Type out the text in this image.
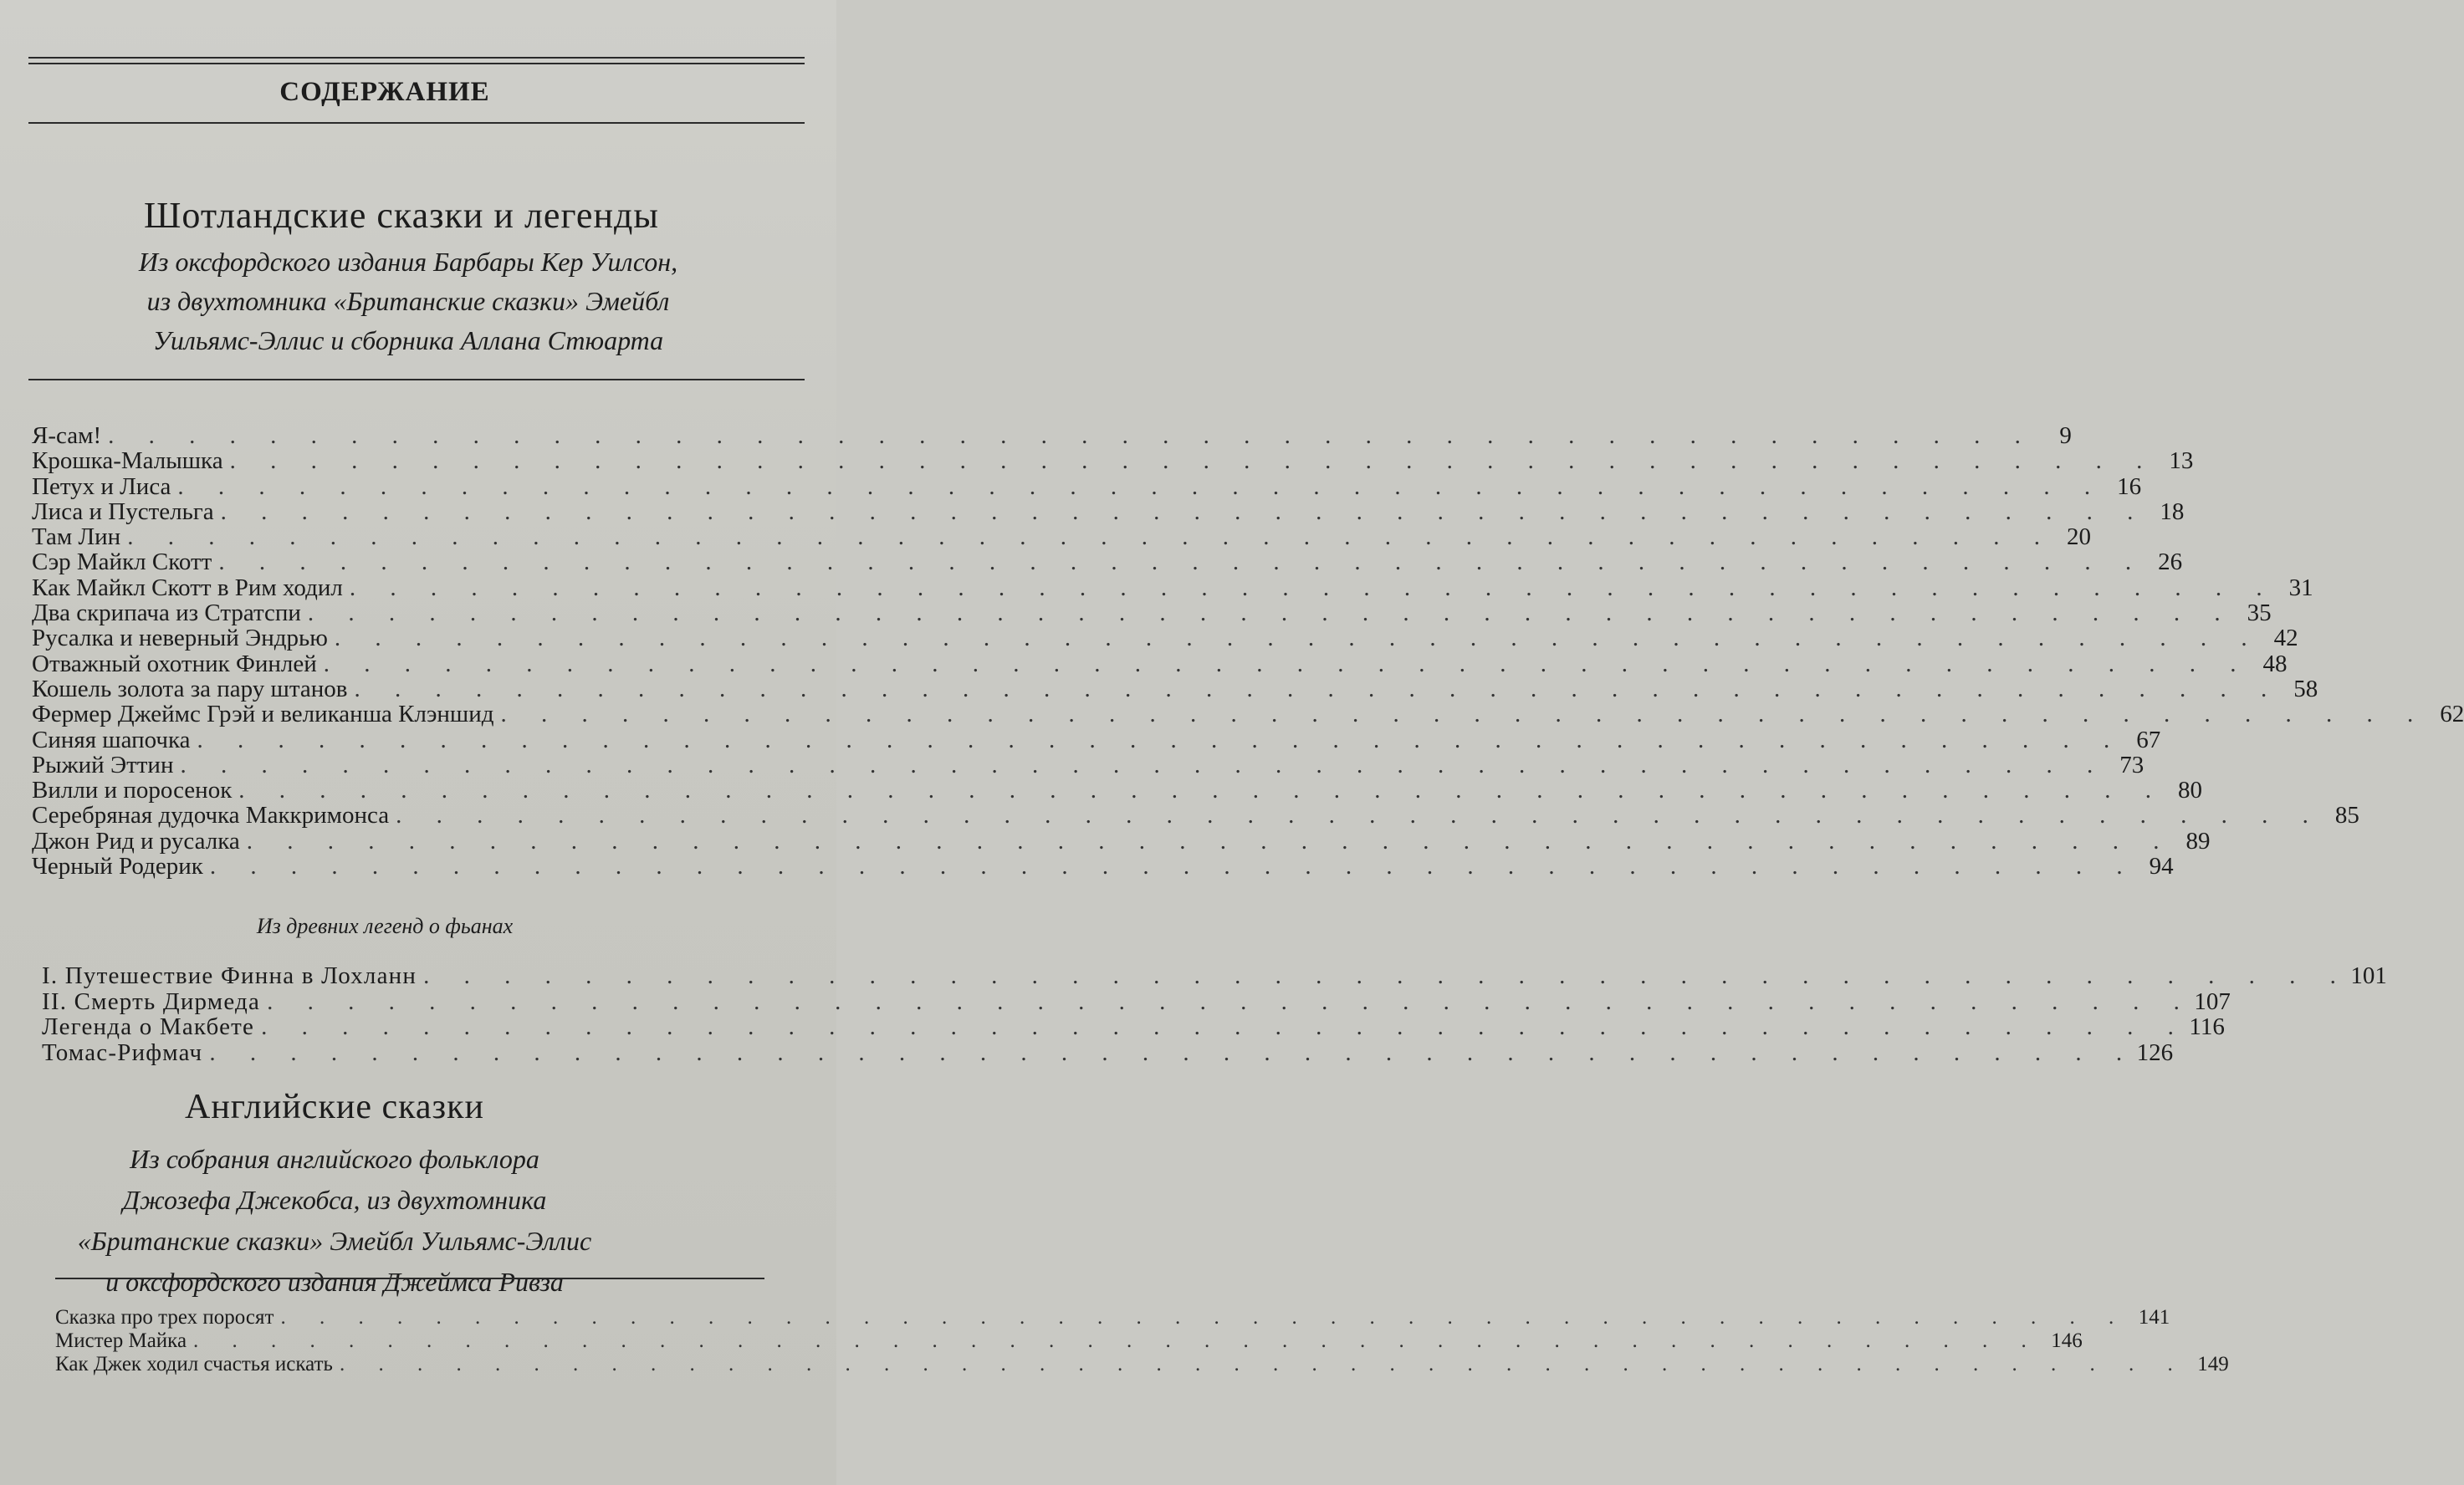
СОДЕРЖАНИЕ
Шотландские сказки и легенды
Из оксфордского издания Барбары Кер Уилсон,
из двухтомника «Британские сказки» Эмейбл
Уильямс-Эллис и сборника Аллана Стюарта
Я-сам! . . . . . . . . . . . . . . . . . . . . . . . . . . . . . . . . . . . . . . . . . . . . . . . .	9
Крошка-Малышка . . . . . . . . . . . . . . . . . . . . . . . . . . . . . . . . . . . . . . . . . . . . . . . . 13
Петух и Лиса . . . . . . . . . . . . . . . . . . . . . . . . . . . . . . . . . . . . . . . . . . . . . . . . 16
Лиса и Пустельга . . . . . . . . . . . . . . . . . . . . . . . . . . . . . . . . . . . . . . . . . . . . . . . . 18
Там Лин . . . . . . . . . . . . . . . . . . . . . . . . . . . . . . . . . . . . . . . . . . . . . . . . 20
Сэр Майкл Скотт . . . . . . . . . . . . . . . . . . . . . . . . . . . . . . . . . . . . . . . . . . . . . . . . 26
Как Майкл Скотт в Рим ходил . . . . . . . . . . . . . . . . . . . . . . . . . . . . . . . . . . . . . . . . . . . . . . . . 31
Два скрипача из Стратспи . . . . . . . . . . . . . . . . . . . . . . . . . . . . . . . . . . . . . . . . . . . . . . . . 35
Русалка и неверный Эндрью . . . . . . . . . . . . . . . . . . . . . . . . . . . . . . . . . . . . . . . . . . . . . . . . 42
Отважный охотник Финлей . . . . . . . . . . . . . . . . . . . . . . . . . . . . . . . . . . . . . . . . . . . . . . . . 48
Кошель золота за пару штанов . . . . . . . . . . . . . . . . . . . . . . . . . . . . . . . . . . . . . . . . . . . . . . . . 58
Фермер Джеймс Грэй и великанша Клэншид . . . . . . . . . . . . . . . . . . . . . . . . . . . . . . . . . . . . . . . . . . . . . . . . 62
Синяя шапочка . . . . . . . . . . . . . . . . . . . . . . . . . . . . . . . . . . . . . . . . . . . . . . . . 67
Рыжий Эттин . . . . . . . . . . . . . . . . . . . . . . . . . . . . . . . . . . . . . . . . . . . . . . . . 73
Вилли и поросенок . . . . . . . . . . . . . . . . . . . . . . . . . . . . . . . . . . . . . . . . . . . . . . . . 80
Серебряная дудочка Маккримонса . . . . . . . . . . . . . . . . . . . . . . . . . . . . . . . . . . . . . . . . . . . . . . . . 85
Джон Рид и русалка . . . . . . . . . . . . . . . . . . . . . . . . . . . . . . . . . . . . . . . . . . . . . . . . 89
Черный Родерик . . . . . . . . . . . . . . . . . . . . . . . . . . . . . . . . . . . . . . . . . . . . . . . . 94
Из древних легенд о фьанах
I. Путешествие Финна в Лохланн . . . . . . . . . . . . . . . . . . . . . . . . . . . . . . . . . . . . . . . . . . . . . . . . 101
II. Смерть Дирмеда . . . . . . . . . . . . . . . . . . . . . . . . . . . . . . . . . . . . . . . . . . . . . . . . 107
Легенда о Макбете . . . . . . . . . . . . . . . . . . . . . . . . . . . . . . . . . . . . . . . . . . . . . . . . 116
Томас-Рифмач . . . . . . . . . . . . . . . . . . . . . . . . . . . . . . . . . . . . . . . . . . . . . . . . 126
Английские сказки
Из собрания английского фольклора
Джозефа Джекобса, из двухтомника
«Британские сказки» Эмейбл Уильямс-Эллис
и оксфордского издания Джеймса Ривза
Сказка про трех поросят . . . . . . . . . . . . . . . . . . . . . . . . . . . . . . . . . . . . . . . . . . . . . . . . 141
Мистер Майка . . . . . . . . . . . . . . . . . . . . . . . . . . . . . . . . . . . . . . . . . . . . . . . . 146
Как Джек ходил счастья искать . . . . . . . . . . . . . . . . . . . . . . . . . . . . . . . . . . . . . . . . . . . . . . . . 149
